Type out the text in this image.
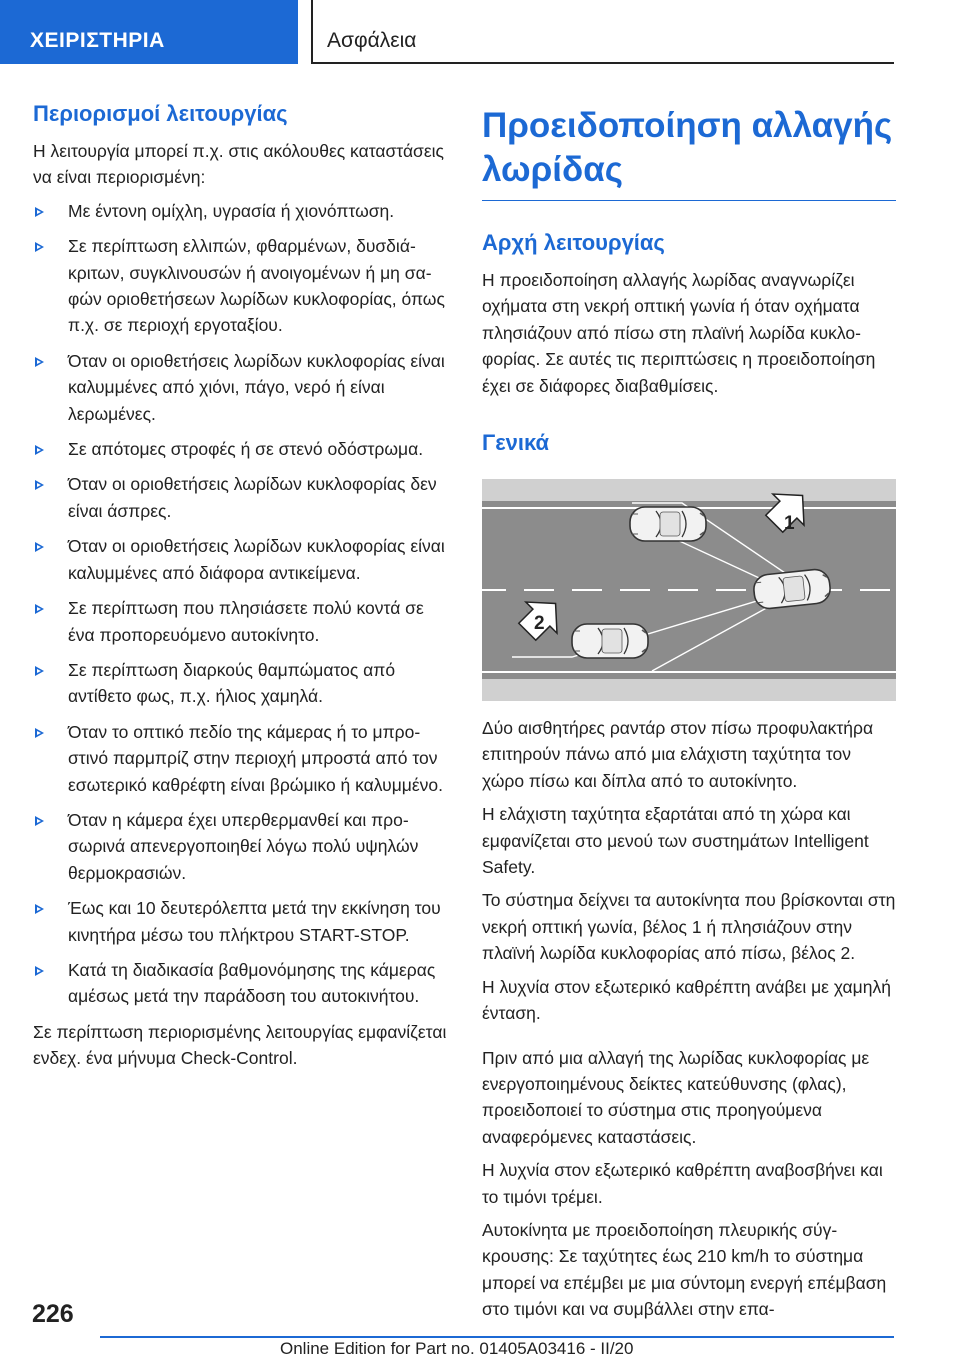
ΧΕΙΡΙΣΤΗΡΙΑ	Ασφάλεια
Περιορισμοί λειτουργίας

Η λειτουργία μπορεί π.χ. στις ακόλουθες καταστάσεις να είναι περιορισμένη:

Με έντονη ομίχλη, υγρασία ή χιονόπτωση.
Σε περίπτωση ελλιπών, φθαρμένων, δυσδιάκριτων, συγκλινουσών ή ανοιγομένων ή μη σαφών οριοθετήσεων λωρίδων κυκλοφορίας, όπως π.χ. σε περιοχή εργοταξίου.
Όταν οι οριοθετήσεις λωρίδων κυκλοφορίας είναι καλυμμένες από χιόνι, πάγο, νερό ή είναι λερωμένες.
Σε απότομες στροφές ή σε στενό οδόστρωμα.
Όταν οι οριοθετήσεις λωρίδων κυκλοφορίας δεν είναι άσπρες.
Όταν οι οριοθετήσεις λωρίδων κυκλοφορίας είναι καλυμμένες από διάφορα αντικείμενα.
Σε περίπτωση που πλησιάσετε πολύ κοντά σε ένα προπορευόμενο αυτοκίνητο.
Σε περίπτωση διαρκούς θαμπώματος από αντίθετο φως, π.χ. ήλιος χαμηλά.
Όταν το οπτικό πεδίο της κάμερας ή το μπροστινό παρμπρίζ στην περιοχή μπροστά από τον εσωτερικό καθρέφτη είναι βρώμικο ή καλυμμένο.
Όταν η κάμερα έχει υπερθερμανθεί και προσωρινά απενεργοποιηθεί λόγω πολύ υψηλών θερμοκρασιών.
Έως και 10 δευτερόλεπτα μετά την εκκίνηση του κινητήρα μέσω του πλήκτρου START-STOP.
Κατά τη διαδικασία βαθμονόμησης της κάμερας αμέσως μετά την παράδοση του αυτοκινήτου.

Σε περίπτωση περιορισμένης λειτουργίας εμφανίζεται ενδεχ. ένα μήνυμα Check-Control.

Προειδοποίηση αλλαγής λωρίδας
Αρχή λειτουργίας

Η προειδοποίηση αλλαγής λωρίδας αναγνωρίζει οχήματα στη νεκρή οπτική γωνία ή όταν οχήματα πλησιάζουν από πίσω στη πλαϊνή λωρίδα κυκλοφορίας. Σε αυτές τις περιπτώσεις η προειδοποίηση έχει σε διάφορες διαβαθμίσεις.

Γενικά
1
2

Δύο αισθητήρες ραντάρ στον πίσω προφυλακτήρα επιτηρούν πάνω από μια ελάχιστη ταχύτητα τον χώρο πίσω και δίπλα από το αυτοκίνητο.

Η ελάχιστη ταχύτητα εξαρτάται από τη χώρα και εμφανίζεται στο μενού των συστημάτων Intelligent Safety.

Το σύστημα δείχνει τα αυτοκίνητα που βρίσκονται στη νεκρή οπτική γωνία, βέλος 1 ή πλησιάζουν στην πλαϊνή λωρίδα κυκλοφορίας από πίσω, βέλος 2.

Η λυχνία στον εξωτερικό καθρέπτη ανάβει με χαμηλή ένταση.

Πριν από μια αλλαγή της λωρίδας κυκλοφορίας με ενεργοποιημένους δείκτες κατεύθυνσης (φλας), προειδοποιεί το σύστημα στις προηγούμενα αναφερόμενες καταστάσεις.

Η λυχνία στον εξωτερικό καθρέπτη αναβοσβήνει και το τιμόνι τρέμει.

Αυτοκίνητα με προειδοποίηση πλευρικής σύγκρουσης: Σε ταχύτητες έως 210 km/h το σύστημα μπορεί να επέμβει με μια σύντομη ενεργή επέμβαση στο τιμόνι και να συμβάλλει στην επα-

226
Online Edition for Part no. 01405A03416 - II/20
